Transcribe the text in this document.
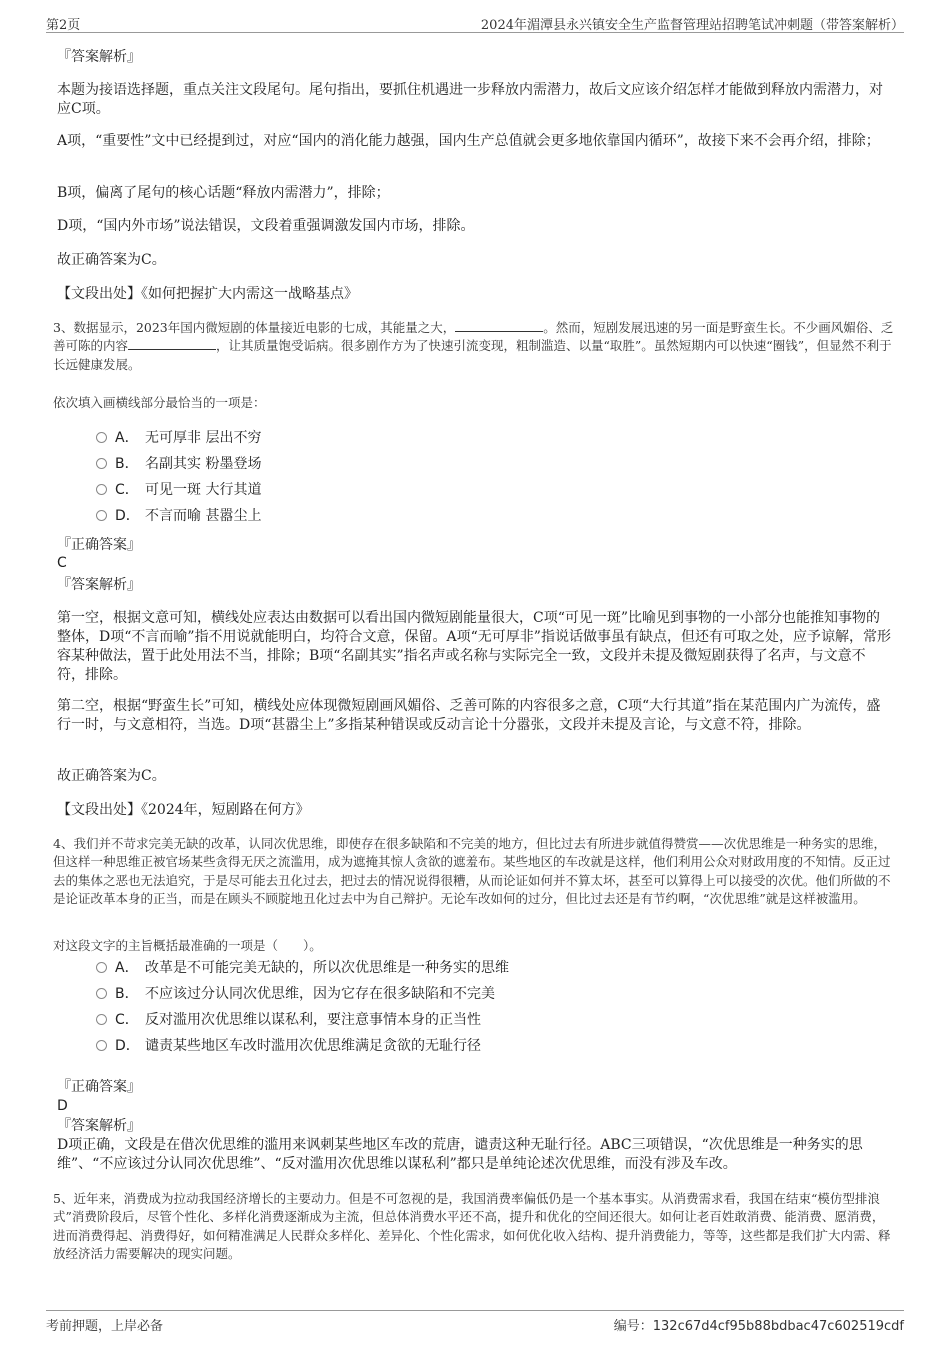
第2页	2024年湄潭县永兴镇安全生产监督管理站招聘笔试冲刺题（带答案解析）
『答案解析』
本题为接语选择题，重点关注文段尾句。尾句指出，要抓住机遇进一步释放内需潜力，故后文应该介绍怎样才能做到释放内需潜力，对应C项。
A项，“重要性”文中已经提到过，对应“国内的消化能力越强，国内生产总值就会更多地依靠国内循环”，故接下来不会再介绍，排除；
B项，偏离了尾句的核心话题“释放内需潜力”，排除；
D项，“国内外市场”说法错误，文段着重强调激发国内市场，排除。
故正确答案为C。
【文段出处】《如何把握扩大内需这一战略基点》
3、数据显示，2023年国内微短剧的体量接近电影的七成，其能量之大，	。然而，短剧发展迅速的另一面是野蛮生长。不少画风媚俗、乏善可陈的内容	，让其质量饱受诟病。很多剧作方为了快速引流变现，粗制滥造、以量“取胜”。虽然短期内可以快速“圈钱”，但显然不利于长远健康发展。
依次填入画横线部分最恰当的一项是：
A． 无可厚非 层出不穷
B． 名副其实 粉墨登场
C． 可见一斑 大行其道
D． 不言而喻 甚嚣尘上
『正确答案』
C
『答案解析』
第一空，根据文意可知，横线处应表达由数据可以看出国内微短剧能量很大，C项“可见一斑”比喻见到事物的一小部分也能推知事物的整体，D项“不言而喻”指不用说就能明白，均符合文意，保留。A项“无可厚非”指说话做事虽有缺点，但还有可取之处，应予谅解，常形容某种做法，置于此处用法不当，排除；B项“名副其实”指名声或名称与实际完全一致，文段并未提及微短剧获得了名声，与文意不符，排除。
第二空，根据“野蛮生长”可知，横线处应体现微短剧画风媚俗、乏善可陈的内容很多之意，C项“大行其道”指在某范围内广为流传，盛行一时，与文意相符，当选。D项“甚嚣尘上”多指某种错误或反动言论十分嚣张，文段并未提及言论，与文意不符，排除。
故正确答案为C。
【文段出处】《2024年，短剧路在何方》
4、我们并不苛求完美无缺的改革，认同次优思维，即使存在很多缺陷和不完美的地方，但比过去有所进步就值得赞赏——次优思维是一种务实的思维，但这样一种思维正被官场某些贪得无厌之流滥用，成为遮掩其惊人贪欲的遮羞布。某些地区的车改就是这样，他们利用公众对财政用度的不知情。反正过去的集体之恶也无法追究，于是尽可能去丑化过去，把过去的情况说得很糟，从而论证如何并不算太坏，甚至可以算得上可以接受的次优。他们所做的不是论证改革本身的正当，而是在顾头不顾腚地丑化过去中为自己辩护。无论车改如何的过分，但比过去还是有节约啊，“次优思维”就是这样被滥用。
对这段文字的主旨概括最准确的一项是（　　）。
A． 改革是不可能完美无缺的，所以次优思维是一种务实的思维
B． 不应该过分认同次优思维，因为它存在很多缺陷和不完美
C． 反对滥用次优思维以谋私利，要注意事情本身的正当性
D． 谴责某些地区车改时滥用次优思维满足贪欲的无耻行径
『正确答案』
D
『答案解析』
D项正确，文段是在借次优思维的滥用来讽刺某些地区车改的荒唐，谴责这种无耻行径。ABC三项错误，“次优思维是一种务实的思维”、“不应该过分认同次优思维”、“反对滥用次优思维以谋私利”都只是单纯论述次优思维，而没有涉及车改。
5、近年来，消费成为拉动我国经济增长的主要动力。但是不可忽视的是，我国消费率偏低仍是一个基本事实。从消费需求看，我国在结束“模仿型排浪式”消费阶段后，尽管个性化、多样化消费逐渐成为主流，但总体消费水平还不高，提升和优化的空间还很大。如何让老百姓敢消费、能消费、愿消费，进而消费得起、消费得好，如何精准满足人民群众多样化、差异化、个性化需求，如何优化收入结构、提升消费能力，等等，这些都是我们扩大内需、释放经济活力需要解决的现实问题。
考前押题，上岸必备	编号：132c67d4cf95b88bdbac47c602519cdf
